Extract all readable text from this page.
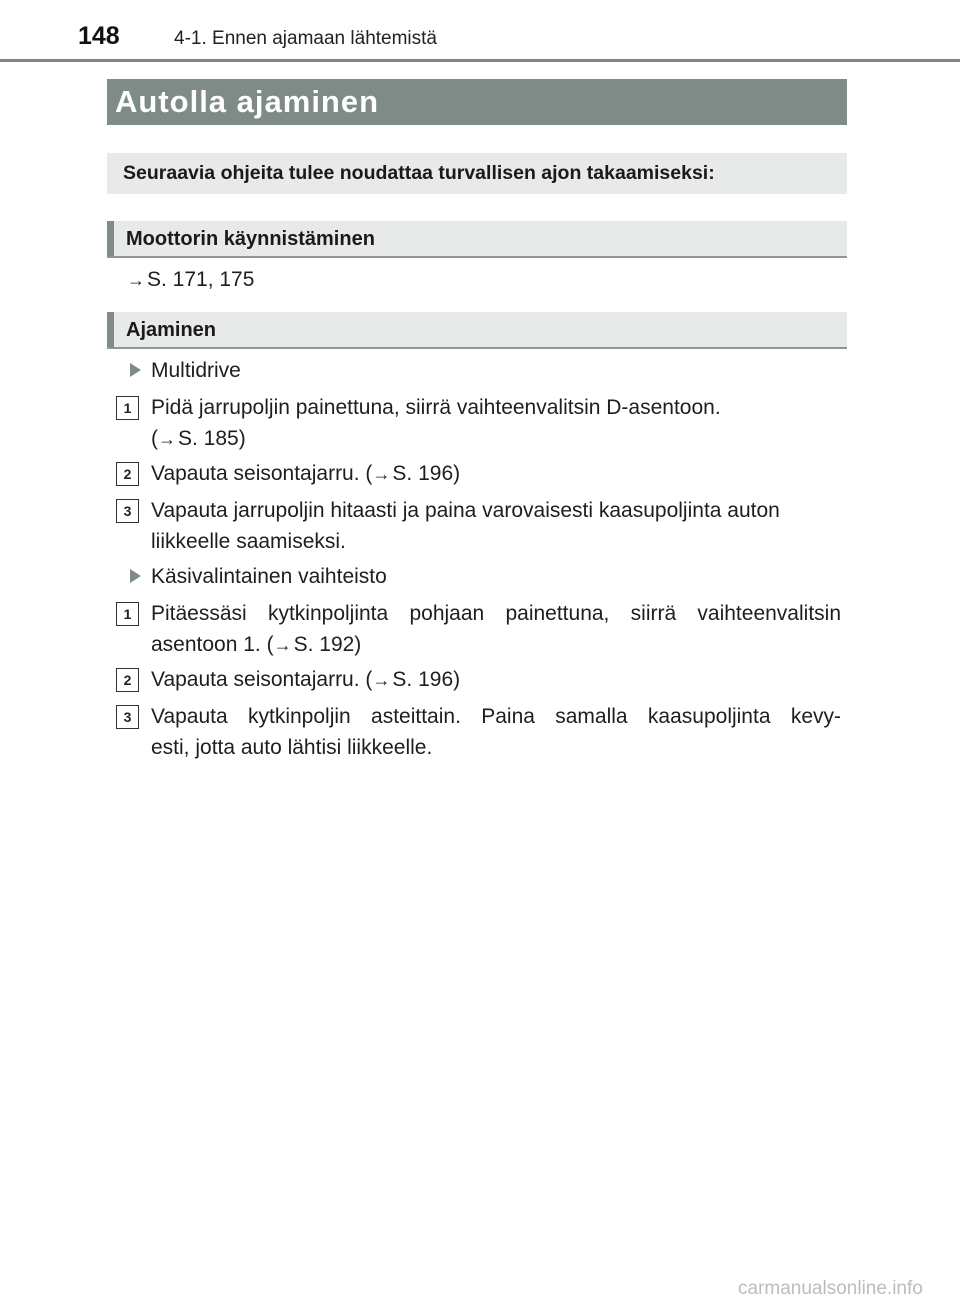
148	4-1. Ennen ajamaan lähtemistä
Autolla ajaminen
Seuraavia ohjeita tulee noudattaa turvallisen ajon takaamiseksi:
Moottorin käynnistäminen
→S. 171, 175
Ajaminen
Multidrive
1 Pidä jarrupoljin painettuna, siirrä vaihteenvalitsin D-asentoon.
(→S. 185)
2 Vapauta seisontajarru. (→S. 196)
3 Vapauta jarrupoljin hitaasti ja paina varovaisesti kaasupoljinta auton
liikkeelle saamiseksi.
Käsivalintainen vaihteisto
1 Pitäessäsi kytkinpoljinta pohjaan painettuna, siirrä vaihteenvalitsin
asentoon 1. (→S. 192)
2 Vapauta seisontajarru. (→S. 196)
3 Vapauta kytkinpoljin asteittain. Paina samalla kaasupoljinta kevy-
esti, jotta auto lähtisi liikkeelle.
carmanualsonline.info
